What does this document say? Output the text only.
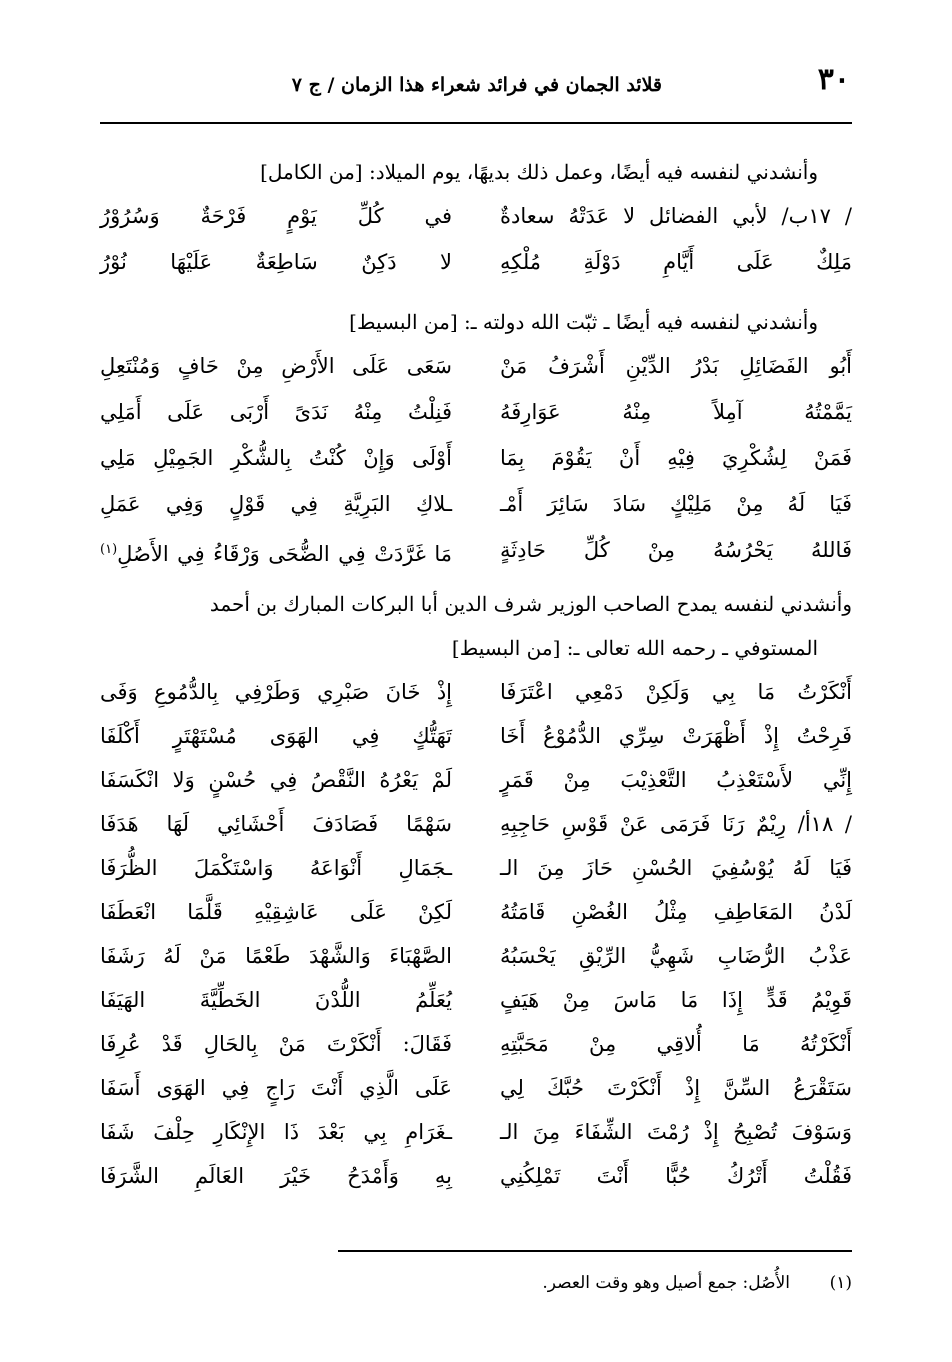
٣٠
قلائد الجمان في فرائد شعراء هذا الزمان / ج ٧
وأنشدني لنفسه فيه أيضًا، وعمل ذلك بديهًا، يوم الميلاد: [من الكامل]
/ ١٧ب/ لأبي الفضائل لا عَدَتْهُ سعادةٌ
في كُلِّ يَوْمٍ فَرْحَةٌ وَسُرُوْرُ
مَلِكٌ عَلَى أَيَّامِ دَوْلَةِ مُلْكِهِ
لا دَكِنٌ سَاطِعَةٌ عَلَيْهَا نُوْرُ
وأنشدني لنفسه فيه أيضًا ـ ثبّت الله دولته ـ: [من البسيط]
أَبُو الفَضَائِلِ بَدْرُ الدِّيْنِ أَشْرَفُ مَنْ
سَعَى عَلَى الأَرْضِ مِنْ حَافٍ وَمُنْتَعِلِ
يَمَّمْتُهُ آمِلاً مِنْهُ عَوَارِفَهُ
فَنِلْتُ مِنْهُ نَدَىً أَرْبَى عَلَى أَمَلِي
فَمَنْ لِشُكْرِيَ فِيْهِ أَنْ يَقُوْمَ بِمَا
أَوْلَى وَإِنْ كُنْتُ بِالشُّكْرِ الجَمِيْلِ مَلِي
فَيَا لَهُ مِنْ مَلِيْكٍ سَادَ سَائِرَ أَمْـ
ـلاكِ البَرِيَّةِ فِي قَوْلٍ وَفِي عَمَلِ
فَاللهُ يَحْرُسُهُ مِنْ كُلِّ حَادِثَةٍ
مَا غَرَّدَتْ فِي الضُّحَى وَرْقَاءُ فِي الأَصُلِ$^{(١)}$
وأنشدني لنفسه يمدح الصاحب الوزير شرف الدين أبا البركات المبارك بن أحمد
المستوفي ـ رحمه الله تعالى ـ: [من البسيط]
أَنْكَرْتُ مَا بِي وَلَكِنْ دَمْعِي اعْتَرَفَا
إِذْ خَانَ صَبْرِي وَطَرْفِي بِالدُّمُوعِ وَفَى
فَرِحْتُ إِذْ أَظْهَرَتْ سِرِّي الدُّمُوْعُ أَخَا
تَهَتُّكٍ فِي الهَوَى مُسْتَهْتَرٍ أَكْلَفَا
إِنِّي لأَسْتَعْذِبُ التَّعْذِيْبَ مِنْ قَمَرٍ
لَمْ يَعْرُهُ النَّقْصُ فِي حُسْنٍ وَلا انْكَسَفَا
/ ١٨أ/ رِيْمٌ رَنَا فَرَمَى عَنْ قَوْسِ حَاجِبِهِ
سَهْمًا فَصَادَفَ أَحْشَائِي لَهَا هَدَفَا
فَيَا لَهُ يُوْسُفِيَ الحُسْنِ حَازَ مِنَ الـ
ـجَمَالِ أَنْوَاعَهُ وَاسْتَكْمَلَ الظُّرَفَا
لَدْنُ المَعَاطِفِ مِثْلُ الغُصْنِ قَامَتُهُ
لَكِنْ عَلَى عَاشِقِيْهِ قَلَّمَا انْعَطَفَا
عَذْبُ الرُّضَابِ شَهِيُّ الرِّيْقِ يَحْسَبُهُ
الصَّهْبَاءَ وَالشَّهْدَ طَعْمًا مَنْ لَهُ رَشَفَا
قَوِيْمُ قَدٍّ إِذَا مَا مَاسَ مِنْ هَيَفٍ
يُعَلِّمُ اللُّدْنَ الخَطِّيَّةَ الهَيَفَا
أَنْكَرْتُهُ مَا أُلاقِي مِنْ مَحَبَّتِهِ
فَقَالَ: أَنْكَرْتَ مَنْ بِالحَالِ قَدْ عُرِفَا
سَتَقْرَعُ السِّنَّ إِذْ أَنْكَرْتَ حُبَّكَ لِي
عَلَى الَّذِي أَنْتَ رَاجٍ فِي الهَوَى أَسَفَا
وَسَوْفَ تُصْبِحُ إِذْ رُمْتَ الشِّفَاءَ مِنَ الـ
ـغَرَامِ بِي بَعْدَ ذَا الإِنْكَارِ حِلْفَ شَفَا
فَقُلْتُ أَتْرُكُ حُبًّا أَنْتَ تَمْلِكُنِي
بِهِ وَأَمْدَحُ خَيْرَ العَالَمِ الشَّرَفَا
(١)
الأُصُل: جمع أصيل وهو وقت العصر.
